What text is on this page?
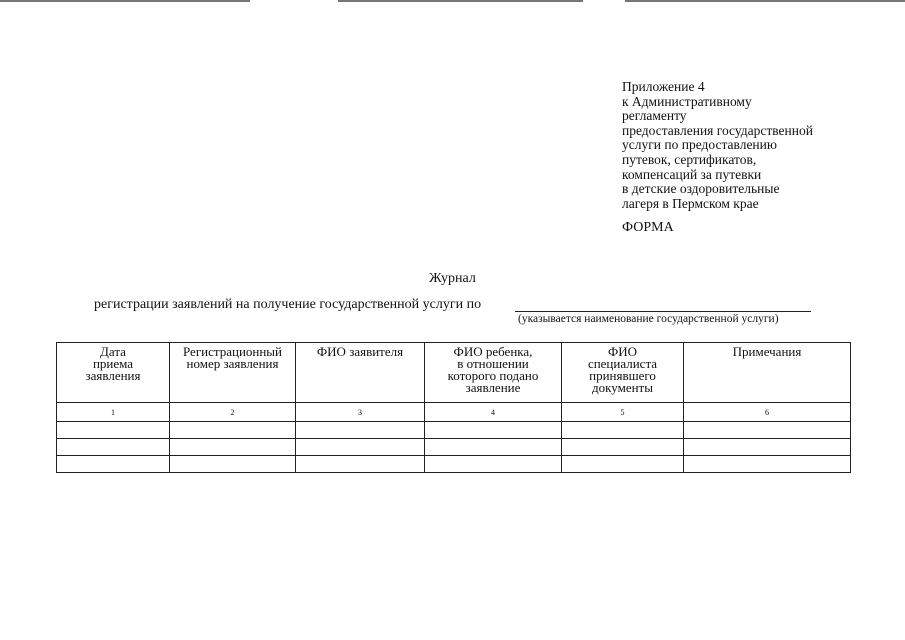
Приложение 4
к Административному
регламенту
предоставления государственной
услуги по предоставлению
путевок, сертификатов,
компенсаций за путевки
в детские оздоровительные
лагеря в Пермском крае
ФОРМА
Журнал
регистрации заявлений на получение государственной услуги по
(указывается наименование государственной услуги)
Дата
приема
заявления	Регистрационный
номер заявления	ФИО заявителя	ФИО ребенка,
в отношении
которого подано
заявление	ФИО
специалиста
принявшего
документы	Примечания

1	2	3	4	5	6
